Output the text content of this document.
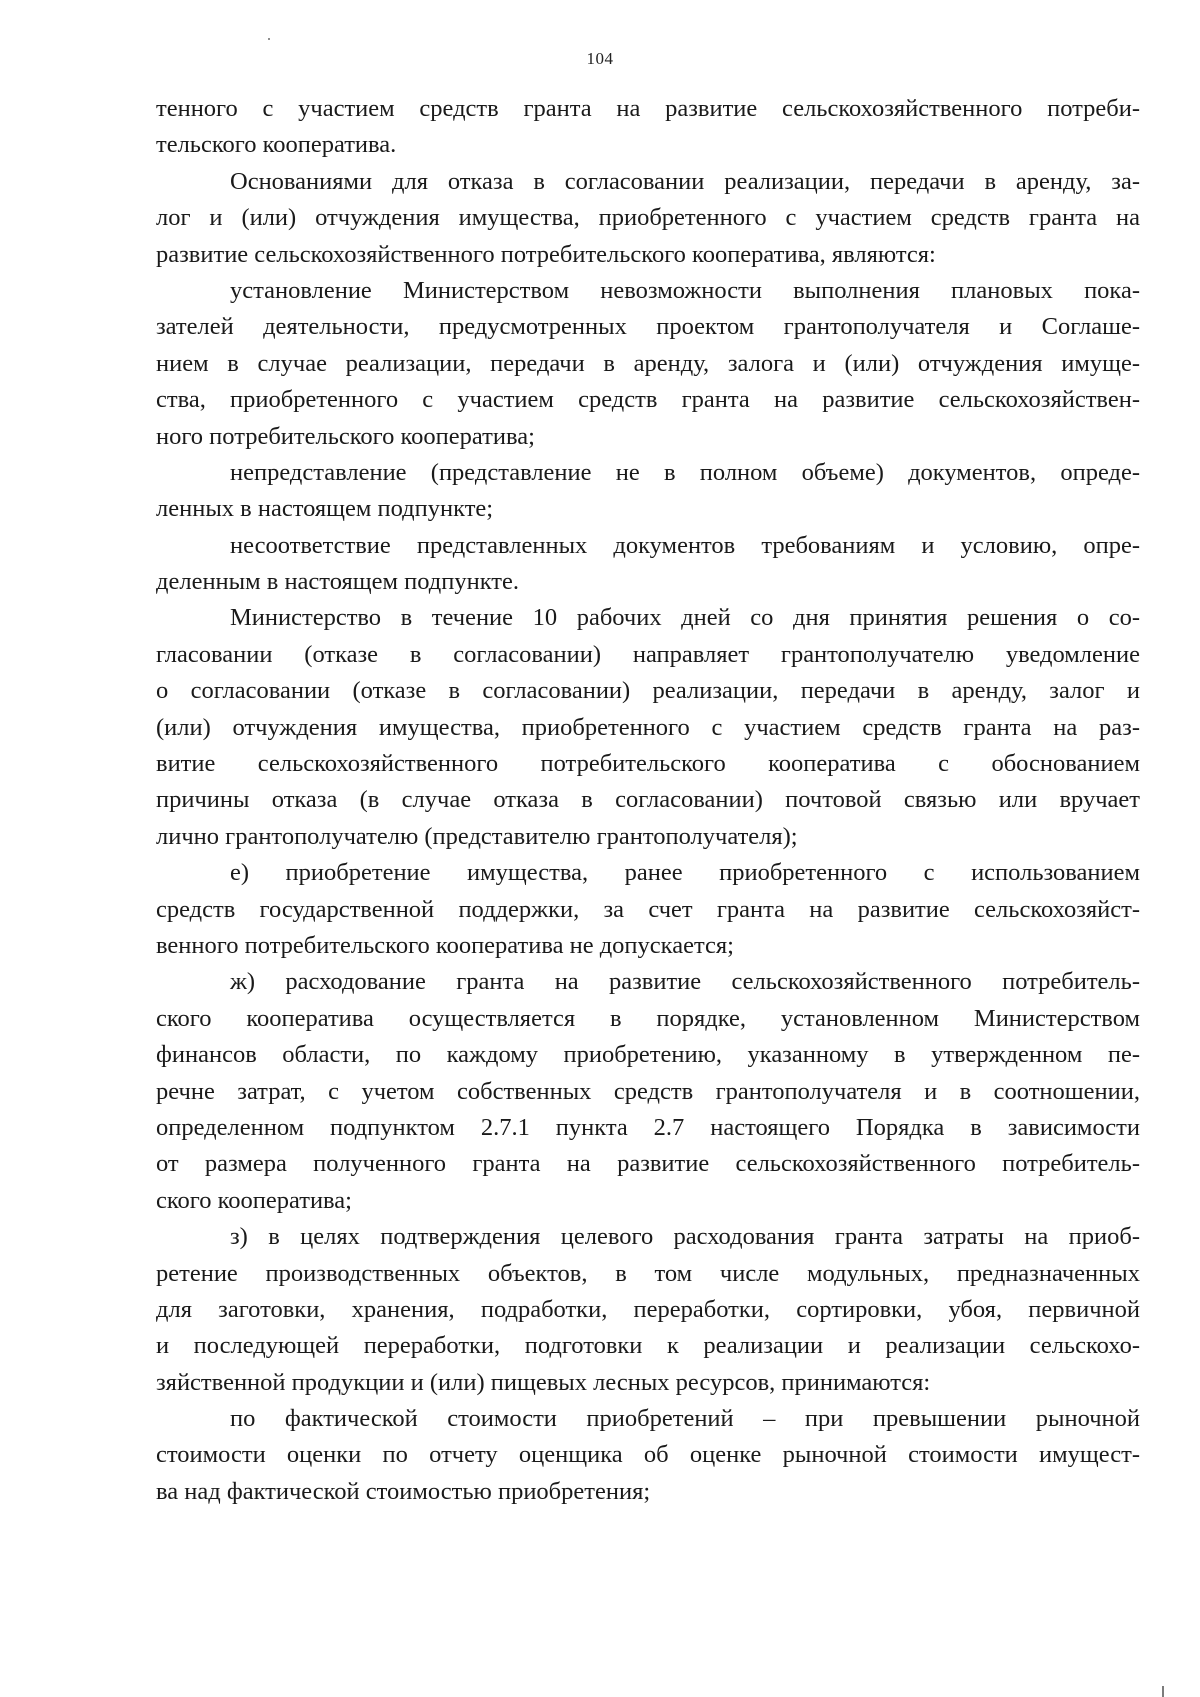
104
тенного с участием средств гранта на развитие сельскохозяйственного потреби-
тельского кооператива.
Основаниями для отказа в согласовании реализации, передачи в аренду, за-
лог и (или) отчуждения имущества, приобретенного с участием средств гранта на
развитие сельскохозяйственного потребительского кооператива, являются:
установление Министерством невозможности выполнения плановых пока-
зателей деятельности, предусмотренных проектом грантополучателя и Соглаше-
нием в случае реализации, передачи в аренду, залога и (или) отчуждения имуще-
ства, приобретенного с участием средств гранта на развитие сельскохозяйствен-
ного потребительского кооператива;
непредставление (представление не в полном объеме) документов, опреде-
ленных в настоящем подпункте;
несоответствие представленных документов требованиям и условию, опре-
деленным в настоящем подпункте.
Министерство в течение 10 рабочих дней со дня принятия решения о со-
гласовании (отказе в согласовании) направляет грантополучателю уведомление
о согласовании (отказе в согласовании) реализации, передачи в аренду, залог и
(или) отчуждения имущества, приобретенного с участием средств гранта на раз-
витие сельскохозяйственного потребительского кооператива с обоснованием
причины отказа (в случае отказа в согласовании) почтовой связью или вручает
лично грантополучателю (представителю грантополучателя);
е) приобретение имущества, ранее приобретенного с использованием
средств государственной поддержки, за счет гранта на развитие сельскохозяйст-
венного потребительского кооператива не допускается;
ж) расходование гранта на развитие сельскохозяйственного потребитель-
ского кооператива осуществляется в порядке, установленном Министерством
финансов области, по каждому приобретению, указанному в утвержденном пе-
речне затрат, с учетом собственных средств грантополучателя и в соотношении,
определенном подпунктом 2.7.1 пункта 2.7 настоящего Порядка в зависимости
от размера полученного гранта на развитие сельскохозяйственного потребитель-
ского кооператива;
з) в целях подтверждения целевого расходования гранта затраты на приоб-
ретение производственных объектов, в том числе модульных, предназначенных
для заготовки, хранения, подработки, переработки, сортировки, убоя, первичной
и последующей переработки, подготовки к реализации и реализации сельскохо-
зяйственной продукции и (или) пищевых лесных ресурсов, принимаются:
по фактической стоимости приобретений – при превышении рыночной
стоимости оценки по отчету оценщика об оценке рыночной стоимости имущест-
ва над фактической стоимостью приобретения;
